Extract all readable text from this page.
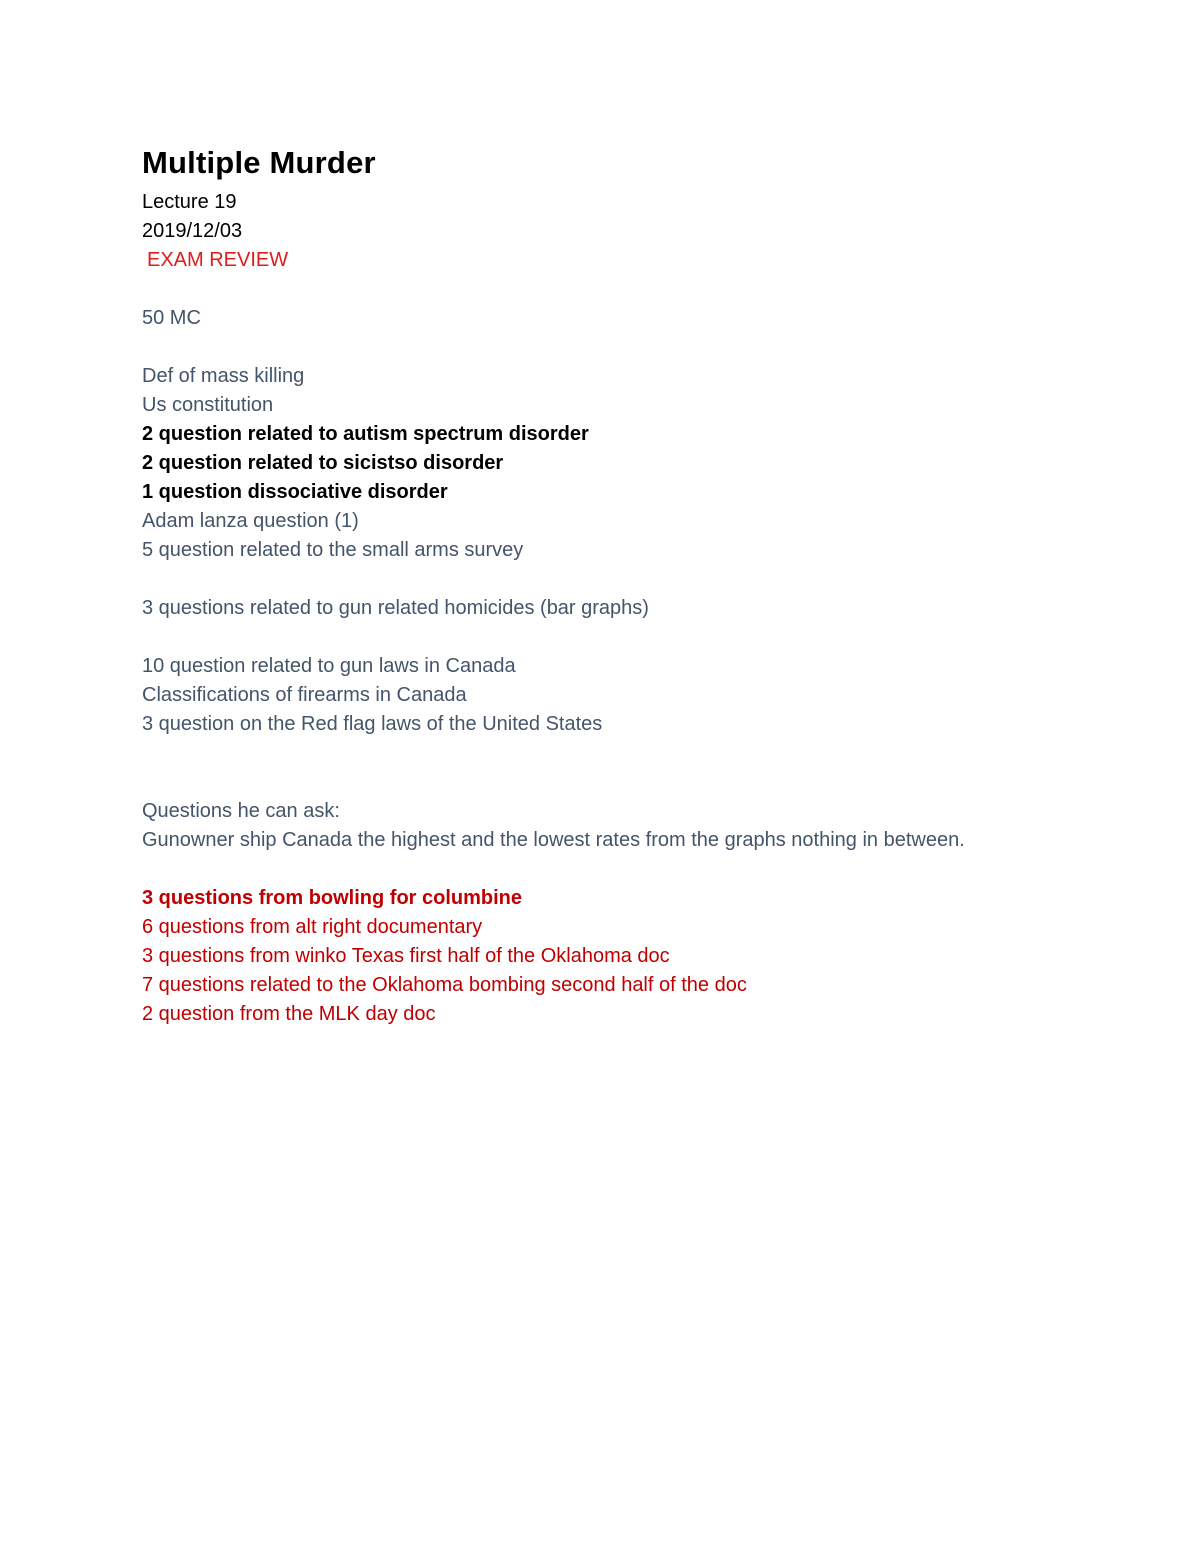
Multiple Murder
Lecture 19
2019/12/03
EXAM REVIEW
50 MC
Def of mass killing
Us constitution
2 question related to autism spectrum disorder
2 question related to sicistso disorder
1 question dissociative disorder
Adam lanza question (1)
5 question related to the small arms survey
3 questions related to gun related homicides (bar graphs)
10 question related to gun laws in Canada
Classifications of firearms in Canada
3 question on the Red flag laws of the United States
Questions he can ask:
Gunowner ship Canada the highest and the lowest rates from the graphs nothing in between.
3 questions from bowling for columbine
6 questions from alt right documentary
3 questions from winko Texas first half of the Oklahoma doc
7 questions related to the Oklahoma bombing second half of the doc
2 question from the MLK day doc
